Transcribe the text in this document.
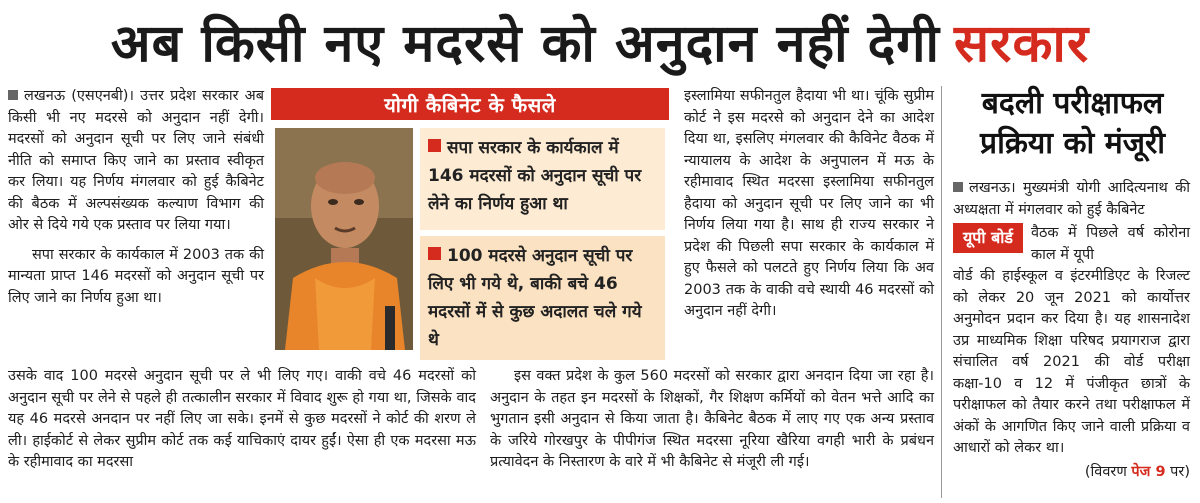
अब किसी नए मदरसे को अनुदान नहीं देगी सरकार
लखनऊ (एसएनबी)। उत्तर प्रदेश सरकार अब किसी भी नए मदरसे को अनुदान नहीं देगी। मदरसों को अनुदान सूची पर लिए जाने संबंधी नीति को समाप्त किए जाने का प्रस्ताव स्वीकृत कर लिया। यह निर्णय मंगलवार को हुई कैबिनेट की बैठक में अल्पसंख्यक कल्याण विभाग की ओर से दिये गये एक प्रस्ताव पर लिया गया।
सपा सरकार के कार्यकाल में 2003 तक की मान्यता प्राप्त 146 मदरसों को अनुदान सूची पर लिए जाने का निर्णय हुआ था।
उसके वाद 100 मदरसे अनुदान सूची पर ले भी लिए गए। वाकी वचे 46 मदरसों को अनुदान सूची पर लेने से पहले ही तत्कालीन सरकार में विवाद शुरू हो गया था, जिसके वाद यह 46 मदरसे अनदान पर नहीं लिए जा सके। इनमें से कुछ मदरसों ने कोर्ट की शरण ले ली। हाईकोर्ट से लेकर सुप्रीम कोर्ट तक कई याचिकाएं दायर हुईं। ऐसा ही एक मदरसा मऊ के रहीमावाद का मदरसा
योगी कैबिनेट के फैसले
सपा सरकार के कार्यकाल में 146 मदरसों को अनुदान सूची पर लेने का निर्णय हुआ था
100 मदरसे अनुदान सूची पर लिए भी गये थे, बाकी बचे 46 मदरसों में से कुछ अदालत चले गये थे
इस्लामिया सफीनतुल हैदाया भी था। चूंकि सुप्रीम कोर्ट ने इस मदरसे को अनुदान देने का आदेश दिया था, इसलिए मंगलवार की कैविनेट वैठक में न्यायालय के आदेश के अनुपालन में मऊ के रहीमावाद स्थित मदरसा इस्लामिया सफीनतुल हैदाया को अनुदान सूची पर लिए जाने का भी निर्णय लिया गया है। साथ ही राज्य सरकार ने प्रदेश की पिछली सपा सरकार के कार्यकाल में हुए फैसले को पलटते हुए निर्णय लिया कि अव 2003 तक के वाकी वचे स्थायी 46 मदरसों को अनुदान नहीं देगी।
इस वक्त प्रदेश के कुल 560 मदरसों को सरकार द्वारा अनदान दिया जा रहा है। अनुदान के तहत इन मदरसों के शिक्षकों, गैर शिक्षण कर्मियों को वेतन भत्ते आदि का भुगतान इसी अनुदान से किया जाता है। कैबिनेट बैठक में लाए गए एक अन्य प्रस्ताव के जरिये गोरखपुर के पीपीगंज स्थित मदरसा नूरिया खैरिया वगही भारी के प्रबंधन प्रत्यावेदन के निस्तारण के वारे में भी कैबिनेट से मंजूरी ली गई।
बदली परीक्षाफल प्रक्रिया को मंजूरी
लखनऊ। मुख्यमंत्री योगी आदित्यनाथ की अध्यक्षता में मंगलवार को हुई कैबिनेट
यूपी बोर्ड	वैठक में पिछले वर्ष कोरोना काल में यूपी
वोर्ड की हाईस्कूल व इंटरमीडिएट के रिजल्ट को लेकर 20 जून 2021 को कार्योत्तर अनुमोदन प्रदान कर दिया है। यह शासनादेश उप्र माध्यमिक शिक्षा परिषद प्रयागराज द्वारा संचालित वर्ष 2021 की वोर्ड परीक्षा कक्षा-10 व 12 में पंजीकृत छात्रों के परीक्षाफल को तैयार करने तथा परीक्षाफल में अंकों के आगणित किए जाने वाली प्रक्रिया व आधारों को लेकर था।
(विवरण पेज 9 पर)
